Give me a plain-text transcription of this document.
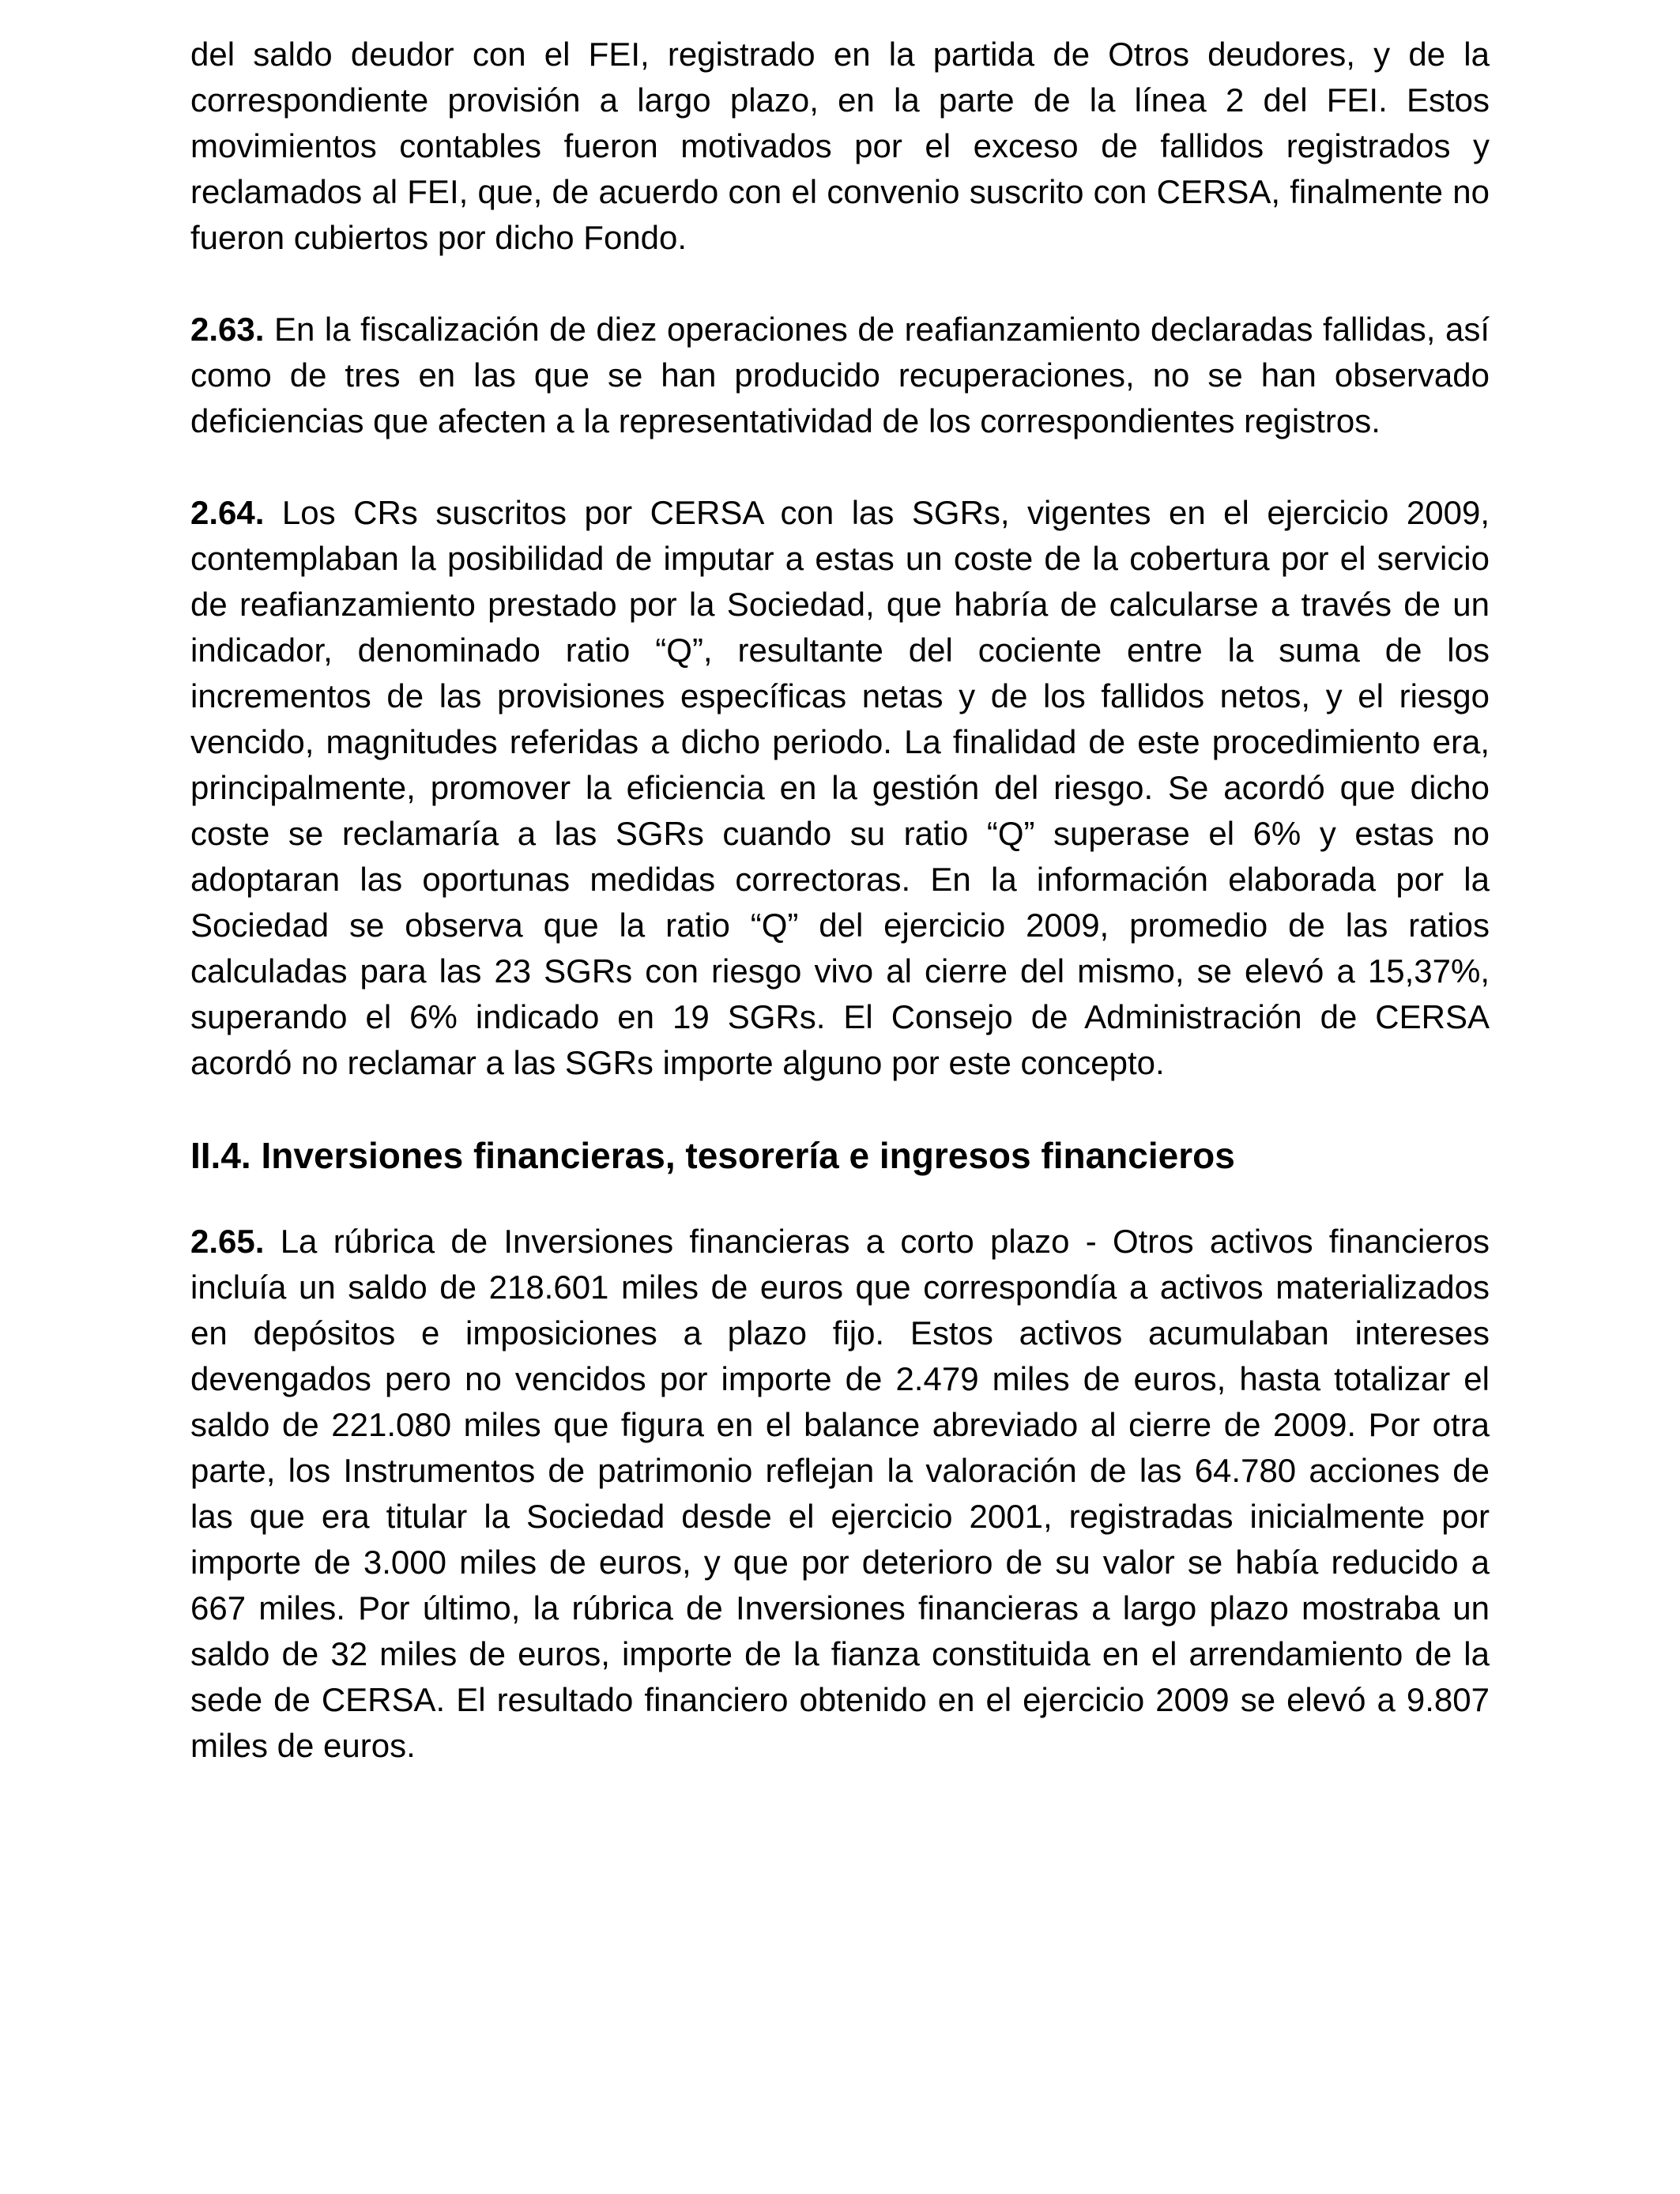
del saldo deudor con el FEI, registrado en la partida de Otros deudores, y de la correspondiente provisión a largo plazo, en la parte de la línea 2 del FEI. Estos movimientos contables fueron motivados por el exceso de fallidos registrados y reclamados al FEI, que, de acuerdo con el convenio suscrito con CERSA, finalmente no fueron cubiertos por dicho Fondo.

2.63. En la fiscalización de diez operaciones de reafianzamiento declaradas fallidas, así como de tres en las que se han producido recuperaciones, no se han observado deficiencias que afecten a la representatividad de los correspondientes registros.

2.64. Los CRs suscritos por CERSA con las SGRs, vigentes en el ejercicio 2009, contemplaban la posibilidad de imputar a estas un coste de la cobertura por el servicio de reafianzamiento prestado por la Sociedad, que habría de calcularse a través de un indicador, denominado ratio “Q”, resultante del cociente entre la suma de los incrementos de las provisiones específicas netas y de los fallidos netos, y el riesgo vencido, magnitudes referidas a dicho periodo. La finalidad de este procedimiento era, principalmente, promover la eficiencia en la gestión del riesgo. Se acordó que dicho coste se reclamaría a las SGRs cuando su ratio “Q” superase el 6% y estas no adoptaran las oportunas medidas correctoras. En la información elaborada por la Sociedad se observa que la ratio “Q” del ejercicio 2009, promedio de las ratios calculadas para las 23 SGRs con riesgo vivo al cierre del mismo, se elevó a 15,37%, superando el 6% indicado en 19 SGRs. El Consejo de Administración de CERSA acordó no reclamar a las SGRs importe alguno por este concepto.

II.4. Inversiones financieras, tesorería e ingresos financieros

2.65. La rúbrica de Inversiones financieras a corto plazo - Otros activos financieros incluía un saldo de 218.601 miles de euros que correspondía a activos materializados en depósitos e imposiciones a plazo fijo. Estos activos acumulaban intereses devengados pero no vencidos por importe de 2.479 miles de euros, hasta totalizar el saldo de 221.080 miles que figura en el balance abreviado al cierre de 2009. Por otra parte, los Instrumentos de patrimonio reflejan la valoración de las 64.780 acciones de las que era titular la Sociedad desde el ejercicio 2001, registradas inicialmente por importe de 3.000 miles de euros, y que por deterioro de su valor se había reducido a 667 miles. Por último, la rúbrica de Inversiones financieras a largo plazo mostraba un saldo de 32 miles de euros, importe de la fianza constituida en el arrendamiento de la sede de CERSA. El resultado financiero obtenido en el ejercicio 2009 se elevó a 9.807 miles de euros.
